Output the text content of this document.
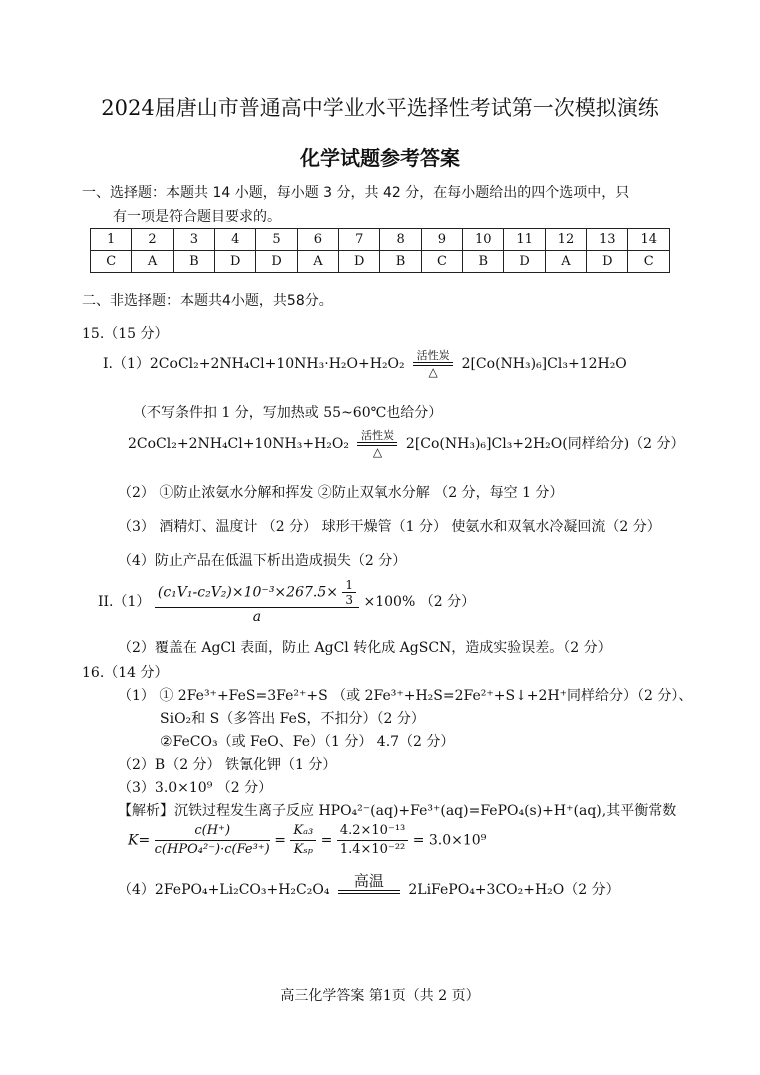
2024届唐山市普通高中学业水平选择性考试第一次模拟演练
化学试题参考答案
一、选择题：本题共 14 小题，每小题 3 分，共 42 分，在每小题给出的四个选项中，只
有一项是符合题目要求的。
1	2	3	4	5	6	7	8	9	10	11	12	13	14
C	A	B	D	D	A	D	B	C	B	D	A	D	C
二、非选择题：本题共4小题，共58分。
15.（15 分）
I.（1）2CoCl₂+2NH₄Cl+10NH₃·H₂O+H₂O₂
活性炭
△	2[Co(NH₃)₆]Cl₃+12H₂O
（不写条件扣 1 分，写加热或 55~60℃也给分）
2CoCl₂+2NH₄Cl+10NH₃+H₂O₂
活性炭
△	2[Co(NH₃)₆]Cl₃+2H₂O(同样给分)（2 分）
（2） ①防止浓氨水分解和挥发 ②防止双氧水分解 （2 分，每空 1 分）
（3） 酒精灯、温度计 （2 分） 球形干燥管（1 分） 使氨水和双氧水冷凝回流（2 分）
（4）防止产品在低温下析出造成损失（2 分）
$II.(1) \frac{(c_1V_1-c_2V_2)\times 10^{-3}\times 267.5\times \frac{1}{3}}{a} \times 100\%$ （2 分）
（2）覆盖在 AgCl 表面，防止 AgCl 转化成 AgSCN，造成实验误差。（2 分）
16.（14 分）
（1） ① 2Fe³⁺+FeS=3Fe²⁺+S （或 2Fe³⁺+H₂S=2Fe²⁺+S↓+2H⁺同样给分）（2 分）、
SiO₂和 S（多答出 FeS，不扣分）（2 分）
②FeCO₃（或 FeO、Fe）（1 分） 4.7（2 分）
（2）B（2 分） 铁氰化钾（1 分）
（3）3.0×10⁹ （2 分）
【解析】沉铁过程发生离子反应 HPO₄²⁻(aq)+Fe³⁺(aq)=FePO₄(s)+H⁺(aq),其平衡常数
$K= \frac{c(H^+)}{\text{c(HPO₄²⁻)·c(Fe³⁺)}} = \frac{\text{Kₐ₃}}{\text{Kₛₚ}} = \frac{\text{4.2×10⁻¹³}}{\text{1.4×10⁻²²}} = 3.0\times 10^9$
（4）2FePO₄+Li₂CO₃+H₂C₂O₄	高温	2LiFePO₄+3CO₂+H₂O（2 分）
高三化学答案 第1页（共 2 页）
